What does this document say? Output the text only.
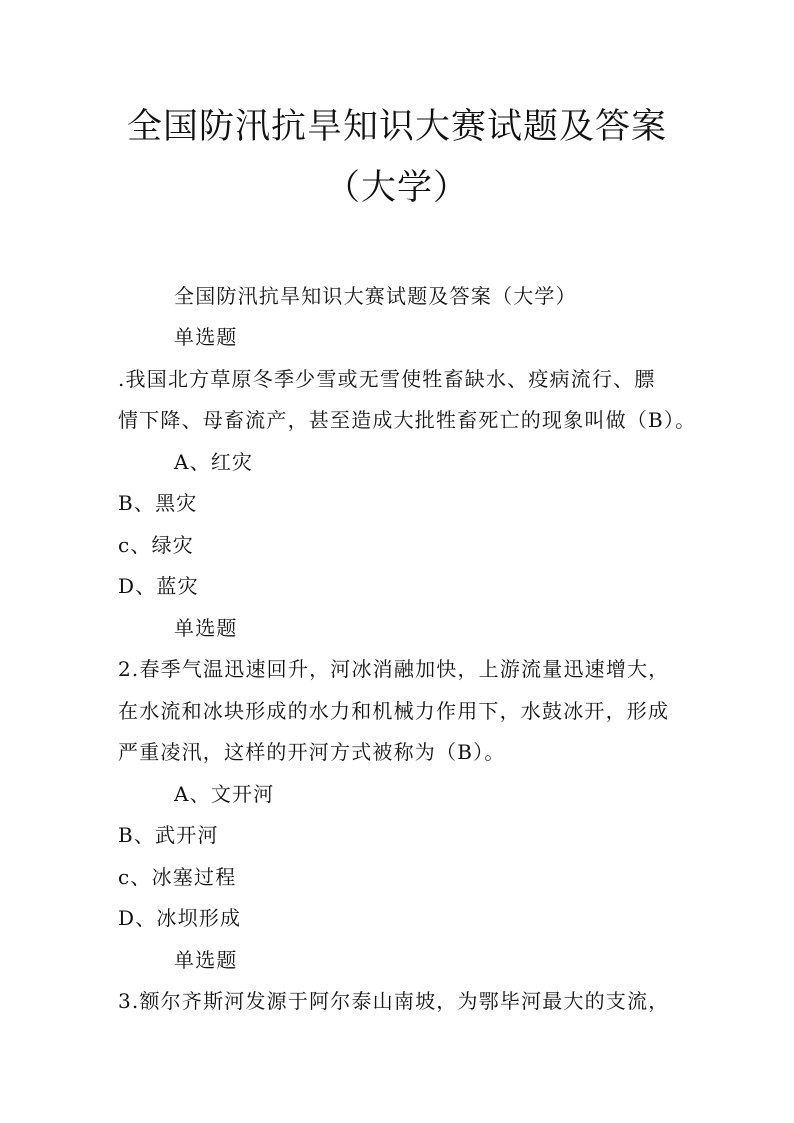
全国防汛抗旱知识大赛试题及答案
（大学）
全国防汛抗旱知识大赛试题及答案（大学）
单选题
.我国北方草原冬季少雪或无雪使牲畜缺水、疫病流行、膘
情下降、母畜流产，甚至造成大批牲畜死亡的现象叫做（B）。
A、红灾
B、黑灾
c、绿灾
D、蓝灾
单选题
2.春季气温迅速回升，河冰消融加快，上游流量迅速增大，
在水流和冰块形成的水力和机械力作用下，水鼓冰开，形成
严重凌汛，这样的开河方式被称为（B）。
A、文开河
B、武开河
c、冰塞过程
D、冰坝形成
单选题
3.额尔齐斯河发源于阿尔泰山南坡，为鄂毕河最大的支流，
